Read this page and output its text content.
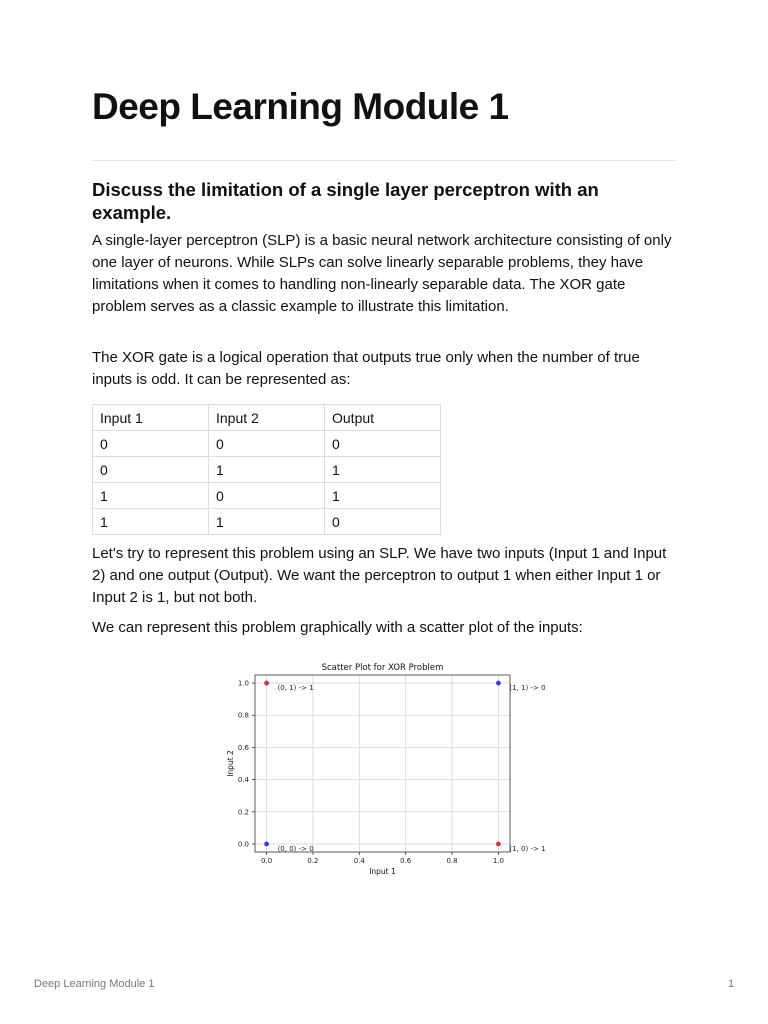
Deep Learning Module 1
Discuss the limitation of a single layer perceptron with an example.

A single-layer perceptron (SLP) is a basic neural network architecture consisting of only one layer of neurons. While SLPs can solve linearly separable problems, they have limitations when it comes to handling non-linearly separable data. The XOR gate problem serves as a classic example to illustrate this limitation.

The XOR gate is a logical operation that outputs true only when the number of true inputs is odd. It can be represented as:

Input 1	Input 2	Output
0	0	0
0	1	1
1	0	1
1	1	0

Let's try to represent this problem using an SLP. We have two inputs (Input 1 and Input 2) and one output (Output). We want the perceptron to output 1 when either Input 1 or Input 2 is 1, but not both.

We can represent this problem graphically with a scatter plot of the inputs:

0.0	0.2	0.4	0.6	0.8	1.0
0.0
0.2
0.4
0.6
0.8
1.0
Scatter Plot for XOR Problem
Input 1
Input 2
(0, 0) -> 0
(0, 1) -> 1
(1, 0) -> 1
(1, 1) -> 0
Deep Learning Module 1	1
